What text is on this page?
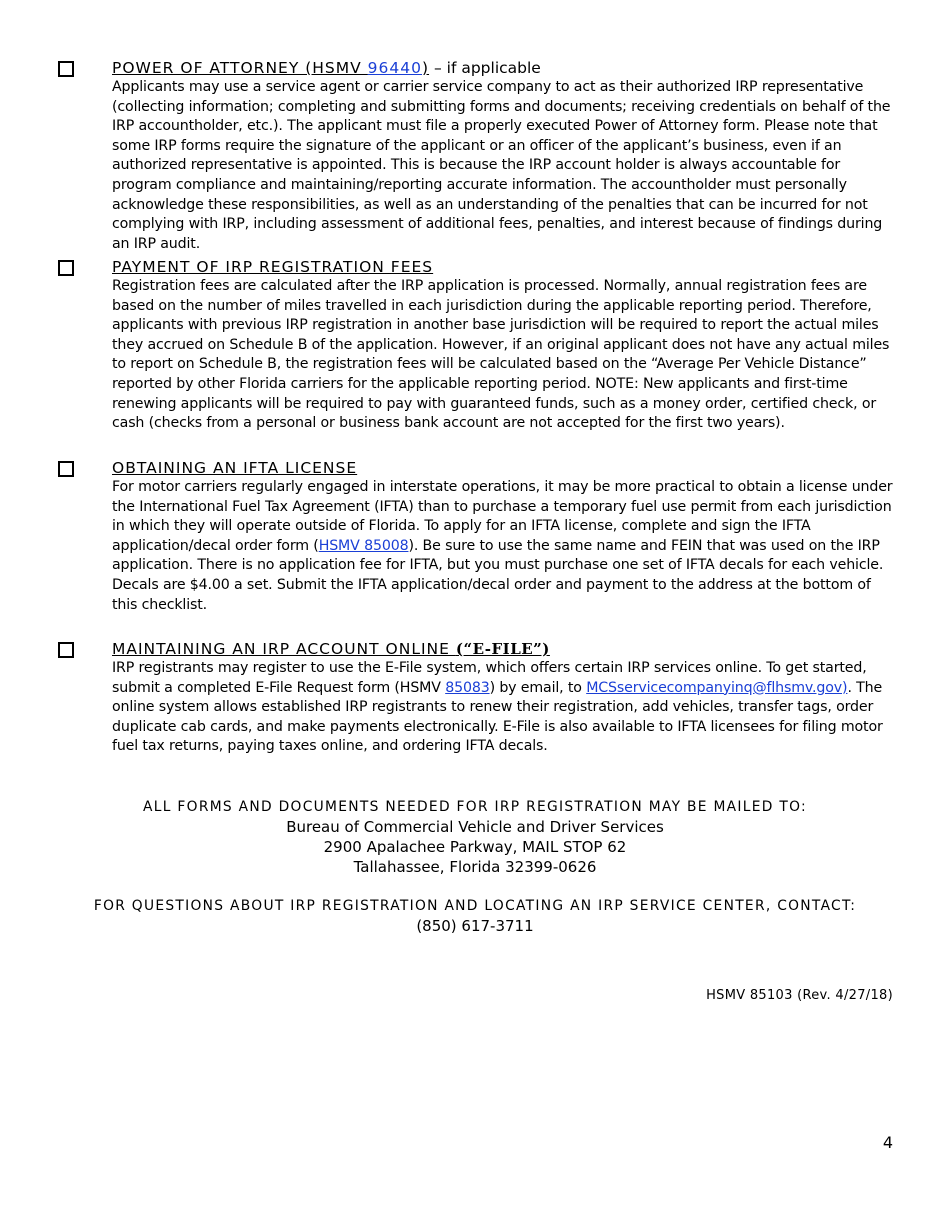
POWER OF ATTORNEY (HSMV 96440) – if applicable

Applicants may use a service agent or carrier service company to act as their authorized IRP representative (collecting information; completing and submitting forms and documents; receiving credentials on behalf of the IRP accountholder, etc.). The applicant must file a properly executed Power of Attorney form. Please note that some IRP forms require the signature of the applicant or an officer of the applicant’s business, even if an authorized representative is appointed. This is because the IRP account holder is always accountable for program compliance and maintaining/reporting accurate information. The accountholder must personally acknowledge these responsibilities, as well as an understanding of the penalties that can be incurred for not complying with IRP, including assessment of additional fees, penalties, and interest because of findings during an IRP audit.

PAYMENT OF IRP REGISTRATION FEES

Registration fees are calculated after the IRP application is processed. Normally, annual registration fees are based on the number of miles travelled in each jurisdiction during the applicable reporting period. Therefore, applicants with previous IRP registration in another base jurisdiction will be required to report the actual miles they accrued on Schedule B of the application. However, if an original applicant does not have any actual miles to report on Schedule B, the registration fees will be calculated based on the “Average Per Vehicle Distance” reported by other Florida carriers for the applicable reporting period. NOTE: New applicants and first-time renewing applicants will be required to pay with guaranteed funds, such as a money order, certified check, or cash (checks from a personal or business bank account are not accepted for the first two years).

OBTAINING AN IFTA LICENSE

For motor carriers regularly engaged in interstate operations, it may be more practical to obtain a license under the International Fuel Tax Agreement (IFTA) than to purchase a temporary fuel use permit from each jurisdiction in which they will operate outside of Florida. To apply for an IFTA license, complete and sign the IFTA application/decal order form (HSMV 85008). Be sure to use the same name and FEIN that was used on the IRP application. There is no application fee for IFTA, but you must purchase one set of IFTA decals for each vehicle. Decals are $4.00 a set. Submit the IFTA application/decal order and payment to the address at the bottom of this checklist.

MAINTAINING AN IRP ACCOUNT ONLINE (“E-FILE”)

IRP registrants may register to use the E-File system, which offers certain IRP services online. To get started, submit a completed E-File Request form (HSMV 85083) by email, to MCSservicecompanyinq@flhsmv.gov). The online system allows established IRP registrants to renew their registration, add vehicles, transfer tags, order duplicate cab cards, and make payments electronically. E-File is also available to IFTA licensees for filing motor fuel tax returns, paying taxes online, and ordering IFTA decals.

ALL FORMS AND DOCUMENTS NEEDED FOR IRP REGISTRATION MAY BE MAILED TO:
Bureau of Commercial Vehicle and Driver Services
2900 Apalachee Parkway, MAIL STOP 62
Tallahassee, Florida 32399-0626
FOR QUESTIONS ABOUT IRP REGISTRATION AND LOCATING AN IRP SERVICE CENTER, CONTACT:
(850) 617-3711
HSMV 85103 (Rev. 4/27/18)
4
